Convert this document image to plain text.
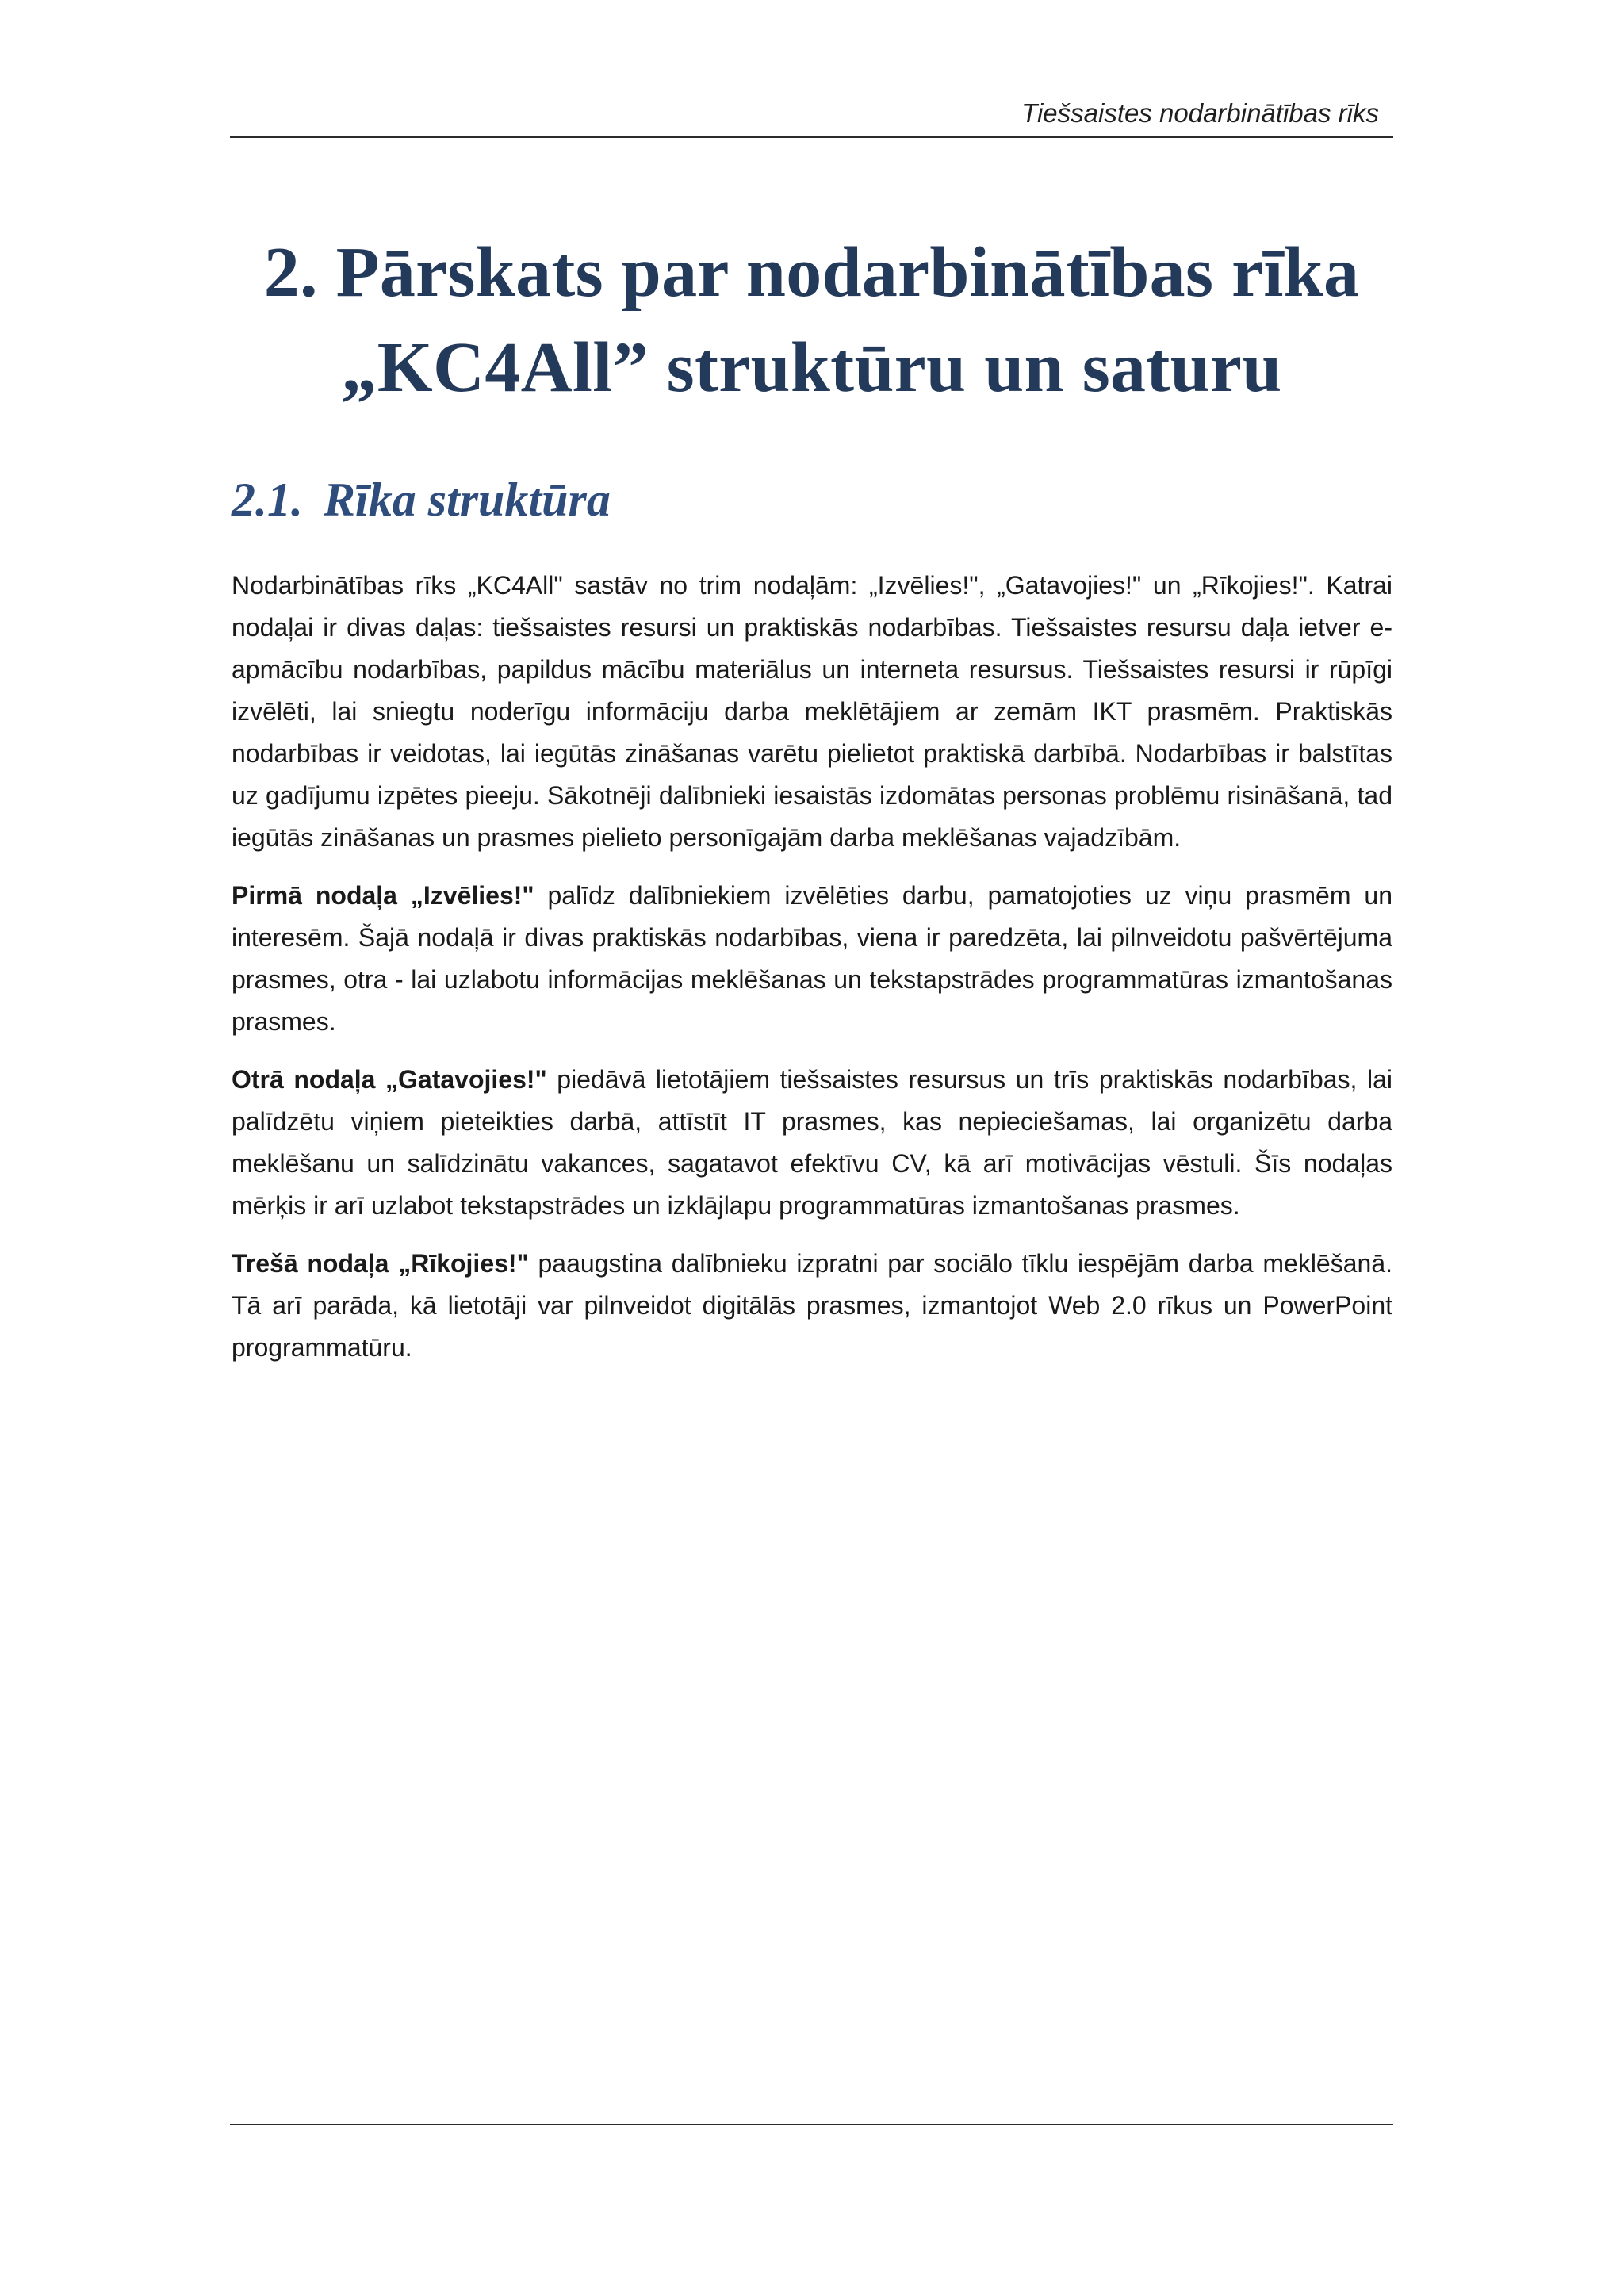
Tiešsaistes nodarbinātības rīks
2. Pārskats par nodarbinātības rīka
„KC4All” struktūru un saturu
2.1. Rīka struktūra

Nodarbinātības rīks „KC4All" sastāv no trim nodaļām: „Izvēlies!", „Gatavojies!" un „Rīkojies!". Katrai nodaļai ir divas daļas: tiešsaistes resursi un praktiskās nodarbības. Tiešsaistes resursu daļa ietver e-apmācību nodarbības, papildus mācību materiālus un interneta resursus. Tiešsaistes resursi ir rūpīgi izvēlēti, lai sniegtu noderīgu informāciju darba meklētājiem ar zemām IKT prasmēm. Praktiskās nodarbības ir veidotas, lai iegūtās zināšanas varētu pielietot praktiskā darbībā. Nodarbības ir balstītas uz gadījumu izpētes pieeju. Sākotnēji dalībnieki iesaistās izdomātas personas problēmu risināšanā, tad iegūtās zināšanas un prasmes pielieto personīgajām darba meklēšanas vajadzībām.

Pirmā nodaļa „Izvēlies!" palīdz dalībniekiem izvēlēties darbu, pamatojoties uz viņu prasmēm un interesēm. Šajā nodaļā ir divas praktiskās nodarbības, viena ir paredzēta, lai pilnveidotu pašvērtējuma prasmes, otra - lai uzlabotu informācijas meklēšanas un tekstapstrādes programmatūras izmantošanas prasmes.

Otrā nodaļa „Gatavojies!" piedāvā lietotājiem tiešsaistes resursus un trīs praktiskās nodarbības, lai palīdzētu viņiem pieteikties darbā, attīstīt IT prasmes, kas nepieciešamas, lai organizētu darba meklēšanu un salīdzinātu vakances, sagatavot efektīvu CV, kā arī motivācijas vēstuli. Šīs nodaļas mērķis ir arī uzlabot tekstapstrādes un izklājlapu programmatūras izmantošanas prasmes.

Trešā nodaļa „Rīkojies!" paaugstina dalībnieku izpratni par sociālo tīklu iespējām darba meklēšanā. Tā arī parāda, kā lietotāji var pilnveidot digitālās prasmes, izmantojot Web 2.0 rīkus un PowerPoint programmatūru.
